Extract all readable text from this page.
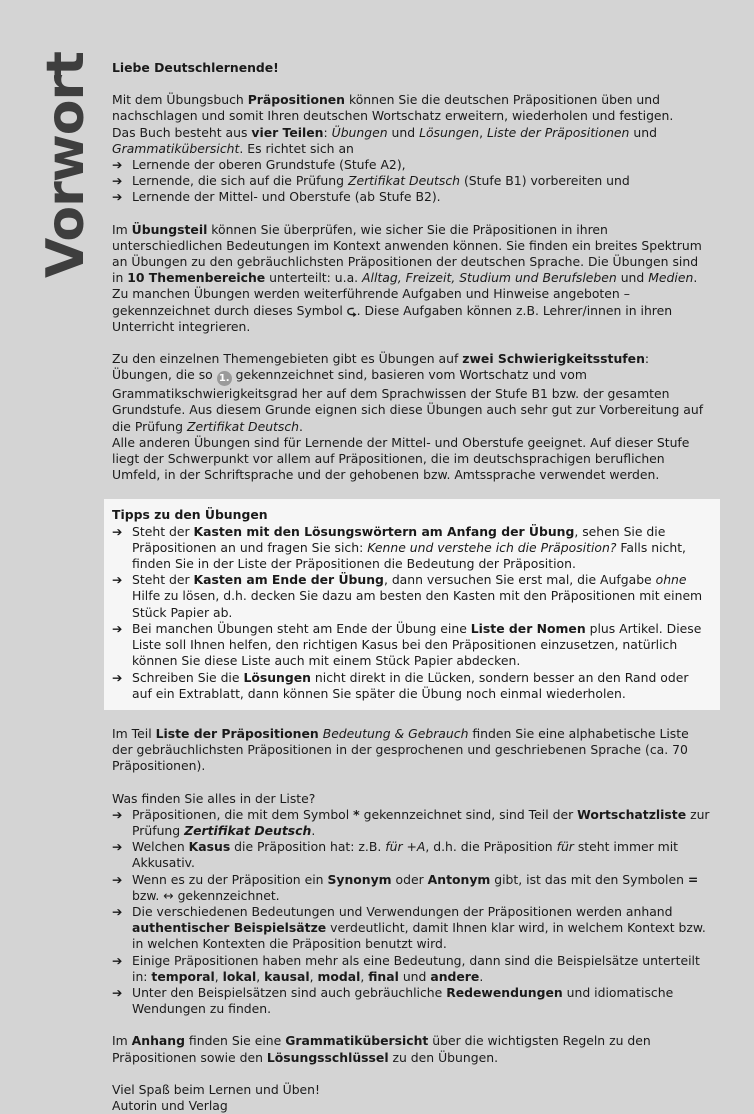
Vorwort Liebe Deutschlernende!

Mit dem Übungsbuch Präpositionen können Sie die deutschen Präpositionen üben und nachschlagen und somit Ihren deutschen Wortschatz erweitern, wiederholen und festigen.
Das Buch besteht aus vier Teilen: Übungen und Lösungen, Liste der Präpositionen und Grammatikübersicht. Es richtet sich an

➔ Lernende der oberen Grundstufe (Stufe A2),
➔ Lernende, die sich auf die Prüfung Zertifikat Deutsch (Stufe B1) vorbereiten und
➔ Lernende der Mittel- und Oberstufe (ab Stufe B2).

Im Übungsteil können Sie überprüfen, wie sicher Sie die Präpositionen in ihren unterschiedlichen Bedeutungen im Kontext anwenden können. Sie finden ein breites Spektrum an Übungen zu den gebräuchlichsten Präpositionen der deutschen Sprache. Die Übungen sind in 10 Themenbereiche unterteilt: u.a. Alltag, Freizeit, Studium und Berufsleben und Medien.
Zu manchen Übungen werden weiterführende Aufgaben und Hinweise angeboten – gekennzeichnet durch dieses Symbol ⮎. Diese Aufgaben können z.B. Lehrer/innen in ihren Unterricht integrieren.

Zu den einzelnen Themengebieten gibt es Übungen auf zwei Schwierigkeitsstufen:
Übungen, die so 1. gekennzeichnet sind, basieren vom Wortschatz und vom Grammatikschwierigkeitsgrad her auf dem Sprachwissen der Stufe B1 bzw. der gesamten Grundstufe. Aus diesem Grunde eignen sich diese Übungen auch sehr gut zur Vorbereitung auf die Prüfung Zertifikat Deutsch.
Alle anderen Übungen sind für Lernende der Mittel- und Oberstufe geeignet. Auf dieser Stufe liegt der Schwerpunkt vor allem auf Präpositionen, die im deutschsprachigen beruflichen Umfeld, in der Schriftsprache und der gehobenen bzw. Amtssprache verwendet werden.

Tipps zu den Übungen

➔ Steht der Kasten mit den Lösungswörtern am Anfang der Übung, sehen Sie die Präpositionen an und fragen Sie sich: Kenne und verstehe ich die Präposition? Falls nicht, finden Sie in der Liste der Präpositionen die Bedeutung der Präposition.
➔ Steht der Kasten am Ende der Übung, dann versuchen Sie erst mal, die Aufgabe ohne Hilfe zu lösen, d.h. decken Sie dazu am besten den Kasten mit den Präpositionen mit einem Stück Papier ab.
➔ Bei manchen Übungen steht am Ende der Übung eine Liste der Nomen plus Artikel. Diese Liste soll Ihnen helfen, den richtigen Kasus bei den Präpositionen einzusetzen, natürlich können Sie diese Liste auch mit einem Stück Papier abdecken.
➔ Schreiben Sie die Lösungen nicht direkt in die Lücken, sondern besser an den Rand oder auf ein Extrablatt, dann können Sie später die Übung noch einmal wiederholen.

Im Teil Liste der Präpositionen Bedeutung & Gebrauch finden Sie eine alphabetische Liste der gebräuchlichsten Präpositionen in der gesprochenen und geschriebenen Sprache (ca. 70 Präpositionen).

Was finden Sie alles in der Liste?

➔ Präpositionen, die mit dem Symbol * gekennzeichnet sind, sind Teil der Wortschatzliste zur Prüfung Zertifikat Deutsch.
➔ Welchen Kasus die Präposition hat: z.B. für +A, d.h. die Präposition für steht immer mit Akkusativ.
➔ Wenn es zu der Präposition ein Synonym oder Antonym gibt, ist das mit den Symbolen = bzw. ↔ gekennzeichnet.
➔ Die verschiedenen Bedeutungen und Verwendungen der Präpositionen werden anhand authentischer Beispielsätze verdeutlicht, damit Ihnen klar wird, in welchem Kontext bzw. in welchen Kontexten die Präposition benutzt wird.
➔ Einige Präpositionen haben mehr als eine Bedeutung, dann sind die Beispielsätze unterteilt in: temporal, lokal, kausal, modal, final und andere.
➔ Unter den Beispielsätzen sind auch gebräuchliche Redewendungen und idiomatische Wendungen zu finden.

Im Anhang finden Sie eine Grammatikübersicht über die wichtigsten Regeln zu den Präpositionen sowie den Lösungsschlüssel zu den Übungen.

Viel Spaß beim Lernen und Üben!
Autorin und Verlag
